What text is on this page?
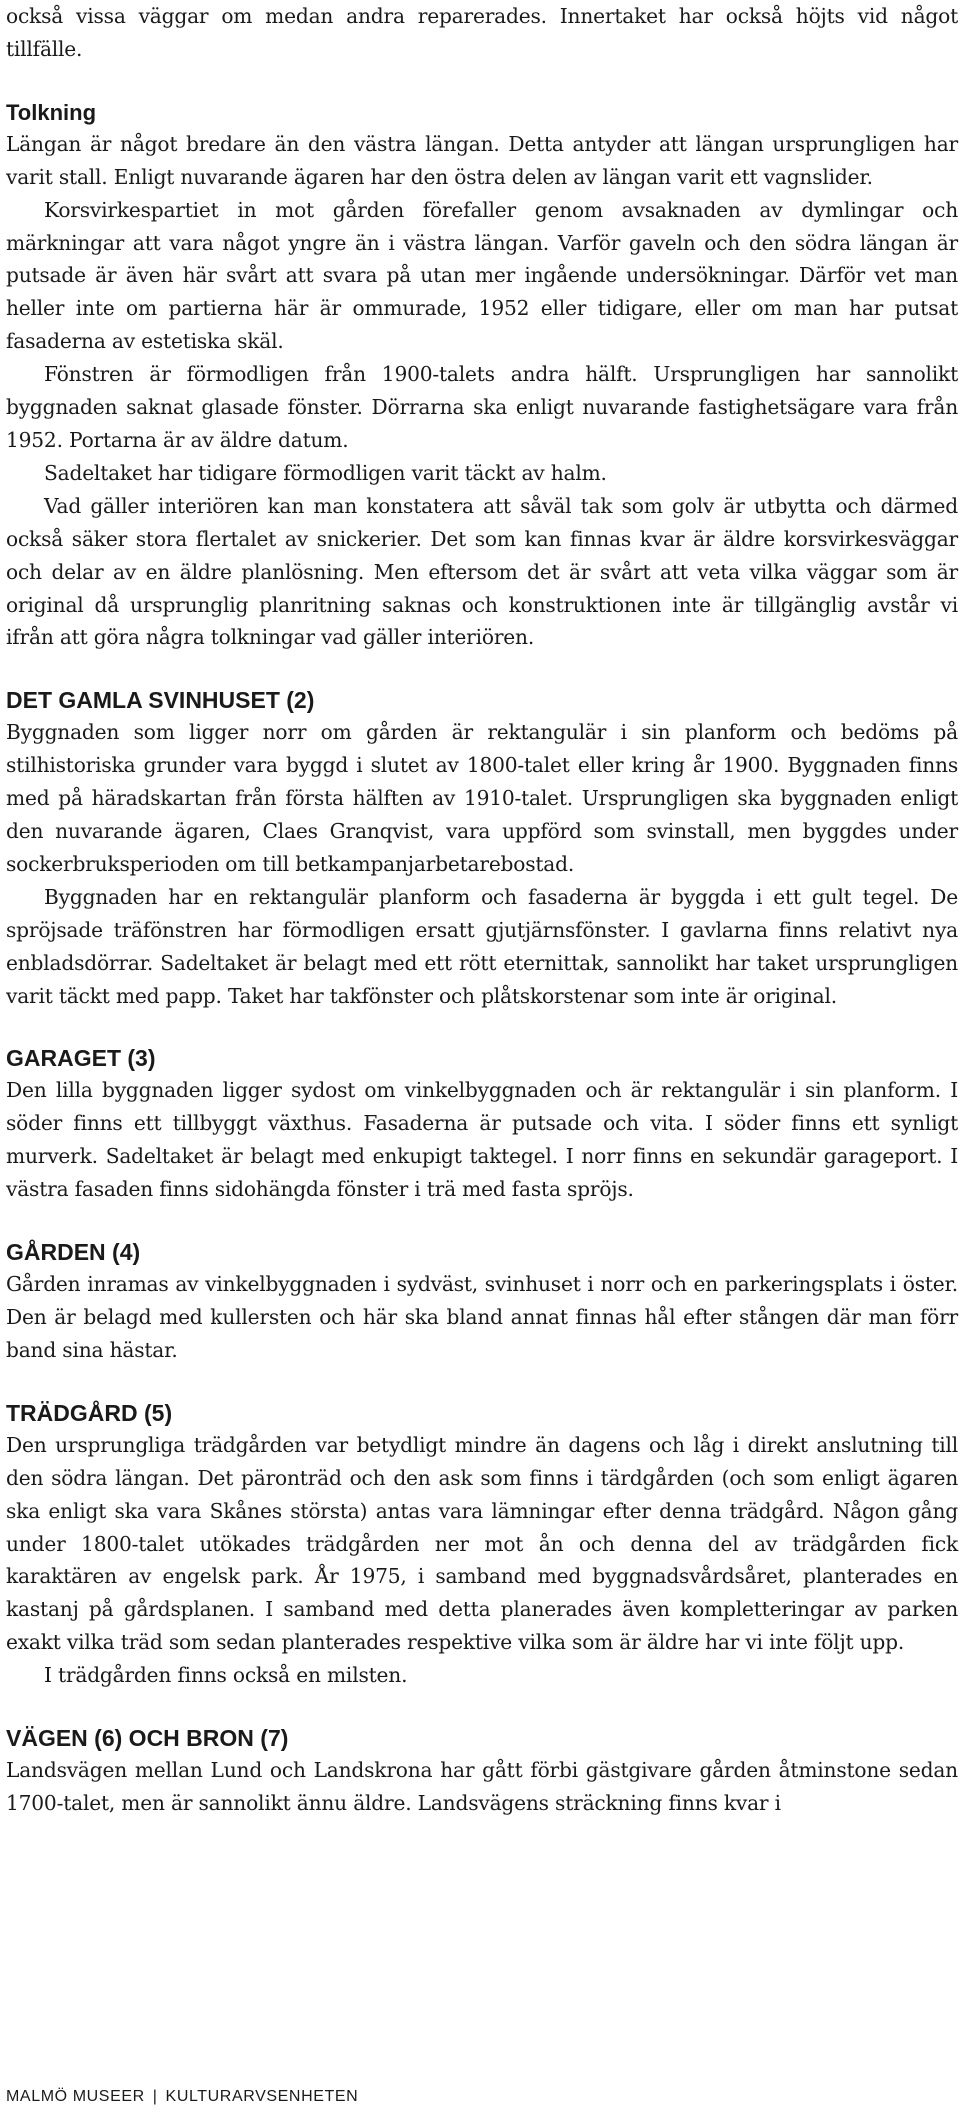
också vissa väggar om medan andra reparerades. Innertaket har också höjts vid något tillfälle.

Tolkning

Längan är något bredare än den västra längan. Detta antyder att längan ursprungligen har varit stall. Enligt nuvarande ägaren har den östra delen av längan varit ett vagnslider.

Korsvirkespartiet in mot gården förefaller genom avsaknaden av dymlingar och märkningar att vara något yngre än i västra längan. Varför gaveln och den södra längan är putsade är även här svårt att svara på utan mer ingående undersökningar. Därför vet man heller inte om partierna här är ommurade, 1952 eller tidigare, eller om man har putsat fasaderna av estetiska skäl.

Fönstren är förmodligen från 1900-talets andra hälft. Ursprungligen har sannolikt byggnaden saknat glasade fönster. Dörrarna ska enligt nuvarande fastighetsägare vara från 1952. Portarna är av äldre datum.

Sadeltaket har tidigare förmodligen varit täckt av halm.

Vad gäller interiören kan man konstatera att såväl tak som golv är utbytta och därmed också säker stora flertalet av snickerier. Det som kan finnas kvar är äldre korsvirkesväggar och delar av en äldre planlösning. Men eftersom det är svårt att veta vilka väggar som är original då ursprunglig planritning saknas och konstruktionen inte är tillgänglig avstår vi ifrån att göra några tolkningar vad gäller interiören.

DET GAMLA SVINHUSET (2)

Byggnaden som ligger norr om gården är rektangulär i sin planform och bedöms på stilhistoriska grunder vara byggd i slutet av 1800-talet eller kring år 1900. Byggnaden finns med på häradskartan från första hälften av 1910-talet. Ursprungligen ska byggnaden enligt den nuvarande ägaren, Claes Granqvist, vara uppförd som svinstall, men byggdes under sockerbruksperioden om till betkampanjarbetarebostad.

Byggnaden har en rektangulär planform och fasaderna är byggda i ett gult tegel. De spröjsade träfönstren har förmodligen ersatt gjutjärnsfönster. I gavlarna finns relativt nya enbladsdörrar. Sadeltaket är belagt med ett rött eternittak, sannolikt har taket ursprungligen varit täckt med papp. Taket har takfönster och plåtskorstenar som inte är original.

GARAGET (3)

Den lilla byggnaden ligger sydost om vinkelbyggnaden och är rektangulär i sin planform. I söder finns ett tillbyggt växthus. Fasaderna är putsade och vita. I söder finns ett synligt murverk. Sadeltaket är belagt med enkupigt taktegel. I norr finns en sekundär garageport. I västra fasaden finns sidohängda fönster i trä med fasta spröjs.

GÅRDEN (4)

Gården inramas av vinkelbyggnaden i sydväst, svinhuset i norr och en parkeringsplats i öster. Den är belagd med kullersten och här ska bland annat finnas hål efter stången där man förr band sina hästar.

TRÄDGÅRD (5)

Den ursprungliga trädgården var betydligt mindre än dagens och låg i direkt anslutning till den södra längan. Det päronträd och den ask som finns i tärdgården (och som enligt ägaren ska enligt ska vara Skånes största) antas vara lämningar efter denna trädgård. Någon gång under 1800-talet utökades trädgården ner mot ån och denna del av trädgården fick karaktären av engelsk park. År 1975, i samband med byggnadsvårdsåret, planterades en kastanj på gårdsplanen. I samband med detta planerades även kompletteringar av parken exakt vilka träd som sedan planterades respektive vilka som är äldre har vi inte följt upp.

I trädgården finns också en milsten.

VÄGEN (6) OCH BRON (7)

Landsvägen mellan Lund och Landskrona har gått förbi gästgivare gården åtminstone sedan 1700-talet, men är sannolikt ännu äldre. Landsvägens sträckning finns kvar i

MALMÖ MUSEER | KULTURARVSENHETEN
